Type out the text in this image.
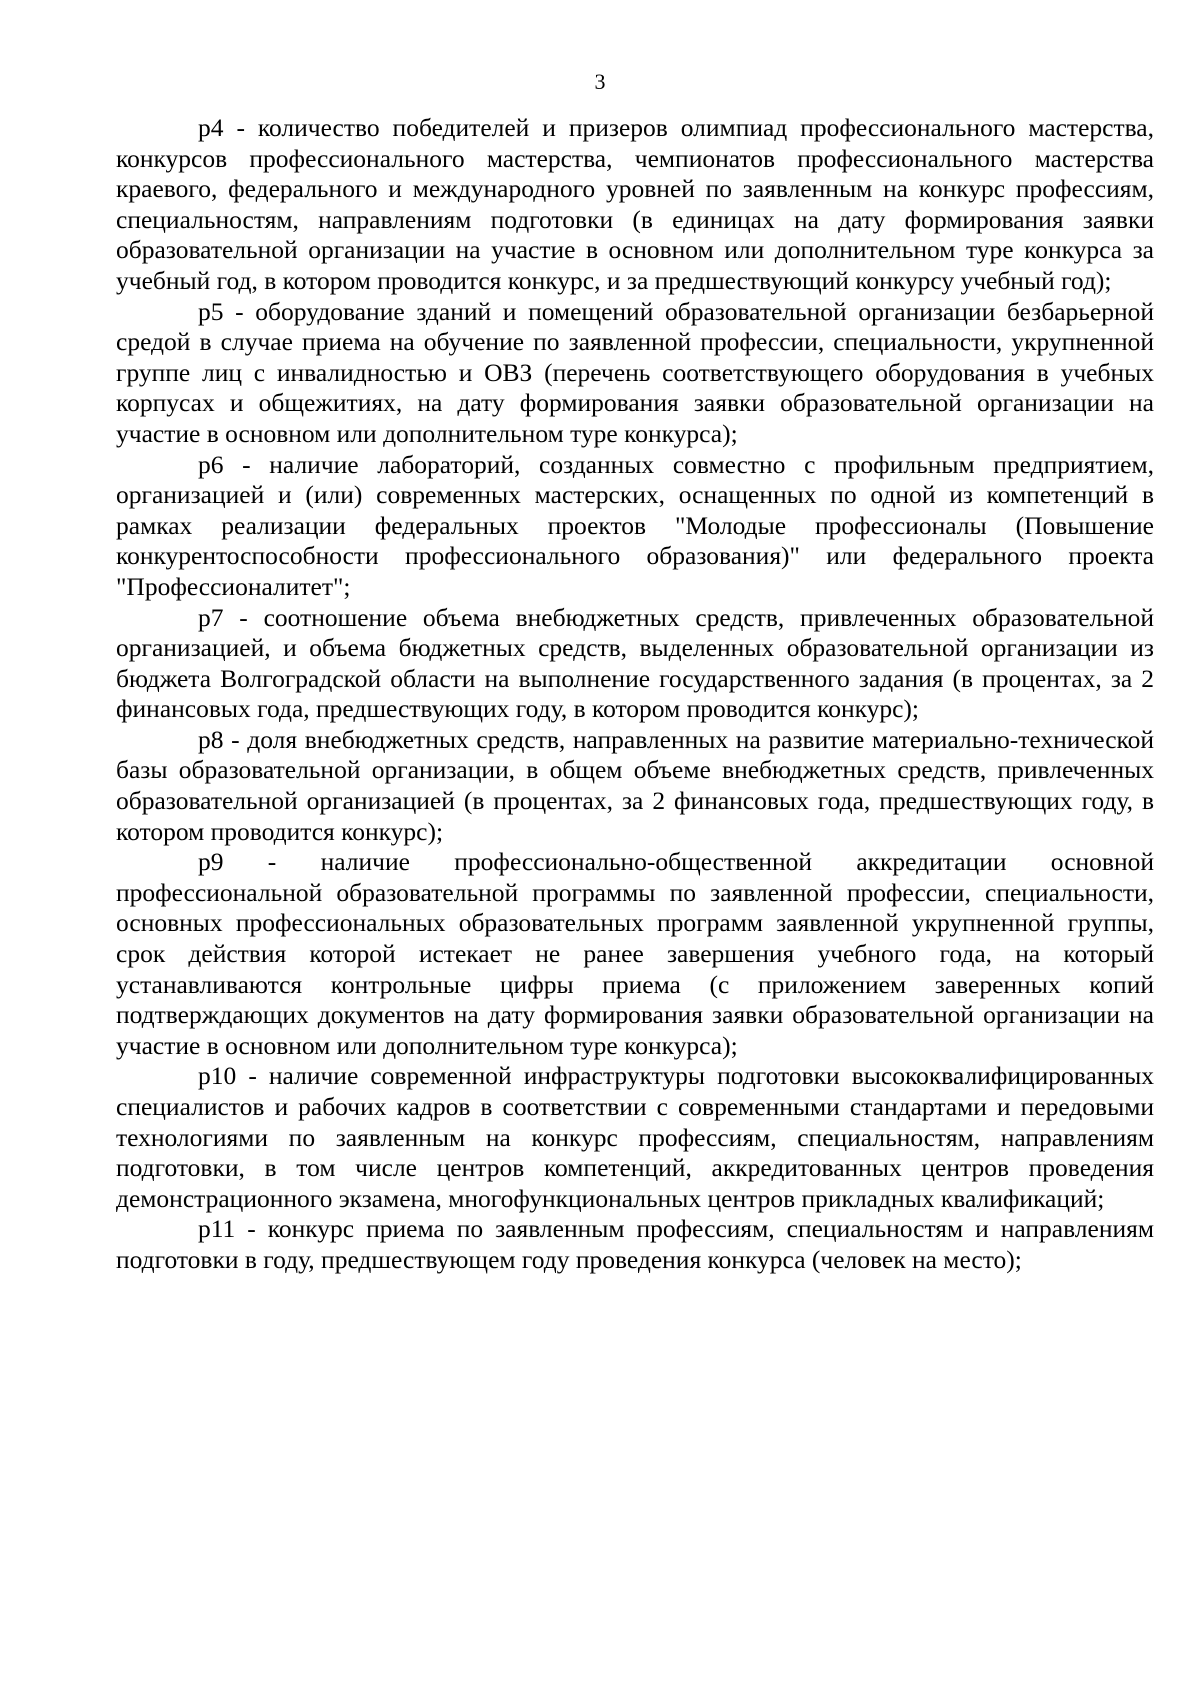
3

р4 - количество победителей и призеров олимпиад профессионального мастерства, конкурсов профессионального мастерства, чемпионатов профессионального мастерства краевого, федерального и международного уровней по заявленным на конкурс профессиям, специальностям, направлениям подготовки (в единицах на дату формирования заявки образовательной организации на участие в основном или дополнительном туре конкурса за учебный год, в котором проводится конкурс, и за предшествующий конкурсу учебный год);

р5 - оборудование зданий и помещений образовательной организации безбарьерной средой в случае приема на обучение по заявленной профессии, специальности, укрупненной группе лиц с инвалидностью и ОВЗ (перечень соответствующего оборудования в учебных корпусах и общежитиях, на дату формирования заявки образовательной организации на участие в основном или дополнительном туре конкурса);

р6 - наличие лабораторий, созданных совместно с профильным предприятием, организацией и (или) современных мастерских, оснащенных по одной из компетенций в рамках реализации федеральных проектов "Молодые профессионалы (Повышение конкурентоспособности профессионального образования)" или федерального проекта "Профессионалитет";

р7 - соотношение объема внебюджетных средств, привлеченных образовательной организацией, и объема бюджетных средств, выделенных образовательной организации из бюджета Волгоградской области на выполнение государственного задания (в процентах, за 2 финансовых года, предшествующих году, в котором проводится конкурс);

р8 - доля внебюджетных средств, направленных на развитие материально-технической базы образовательной организации, в общем объеме внебюджетных средств, привлеченных образовательной организацией (в процентах, за 2 финансовых года, предшествующих году, в котором проводится конкурс);

р9 - наличие профессионально-общественной аккредитации основной профессиональной образовательной программы по заявленной профессии, специальности, основных профессиональных образовательных программ заявленной укрупненной группы, срок действия которой истекает не ранее завершения учебного года, на который устанавливаются контрольные цифры приема (с приложением заверенных копий подтверждающих документов на дату формирования заявки образовательной организации на участие в основном или дополнительном туре конкурса);

р10 - наличие современной инфраструктуры подготовки высококвалифицированных специалистов и рабочих кадров в соответствии с современными стандартами и передовыми технологиями по заявленным на конкурс профессиям, специальностям, направлениям подготовки, в том числе центров компетенций, аккредитованных центров проведения демонстрационного экзамена, многофункциональных центров прикладных квалификаций;

р11 - конкурс приема по заявленным профессиям, специальностям и направлениям подготовки в году, предшествующем году проведения конкурса (человек на место);
